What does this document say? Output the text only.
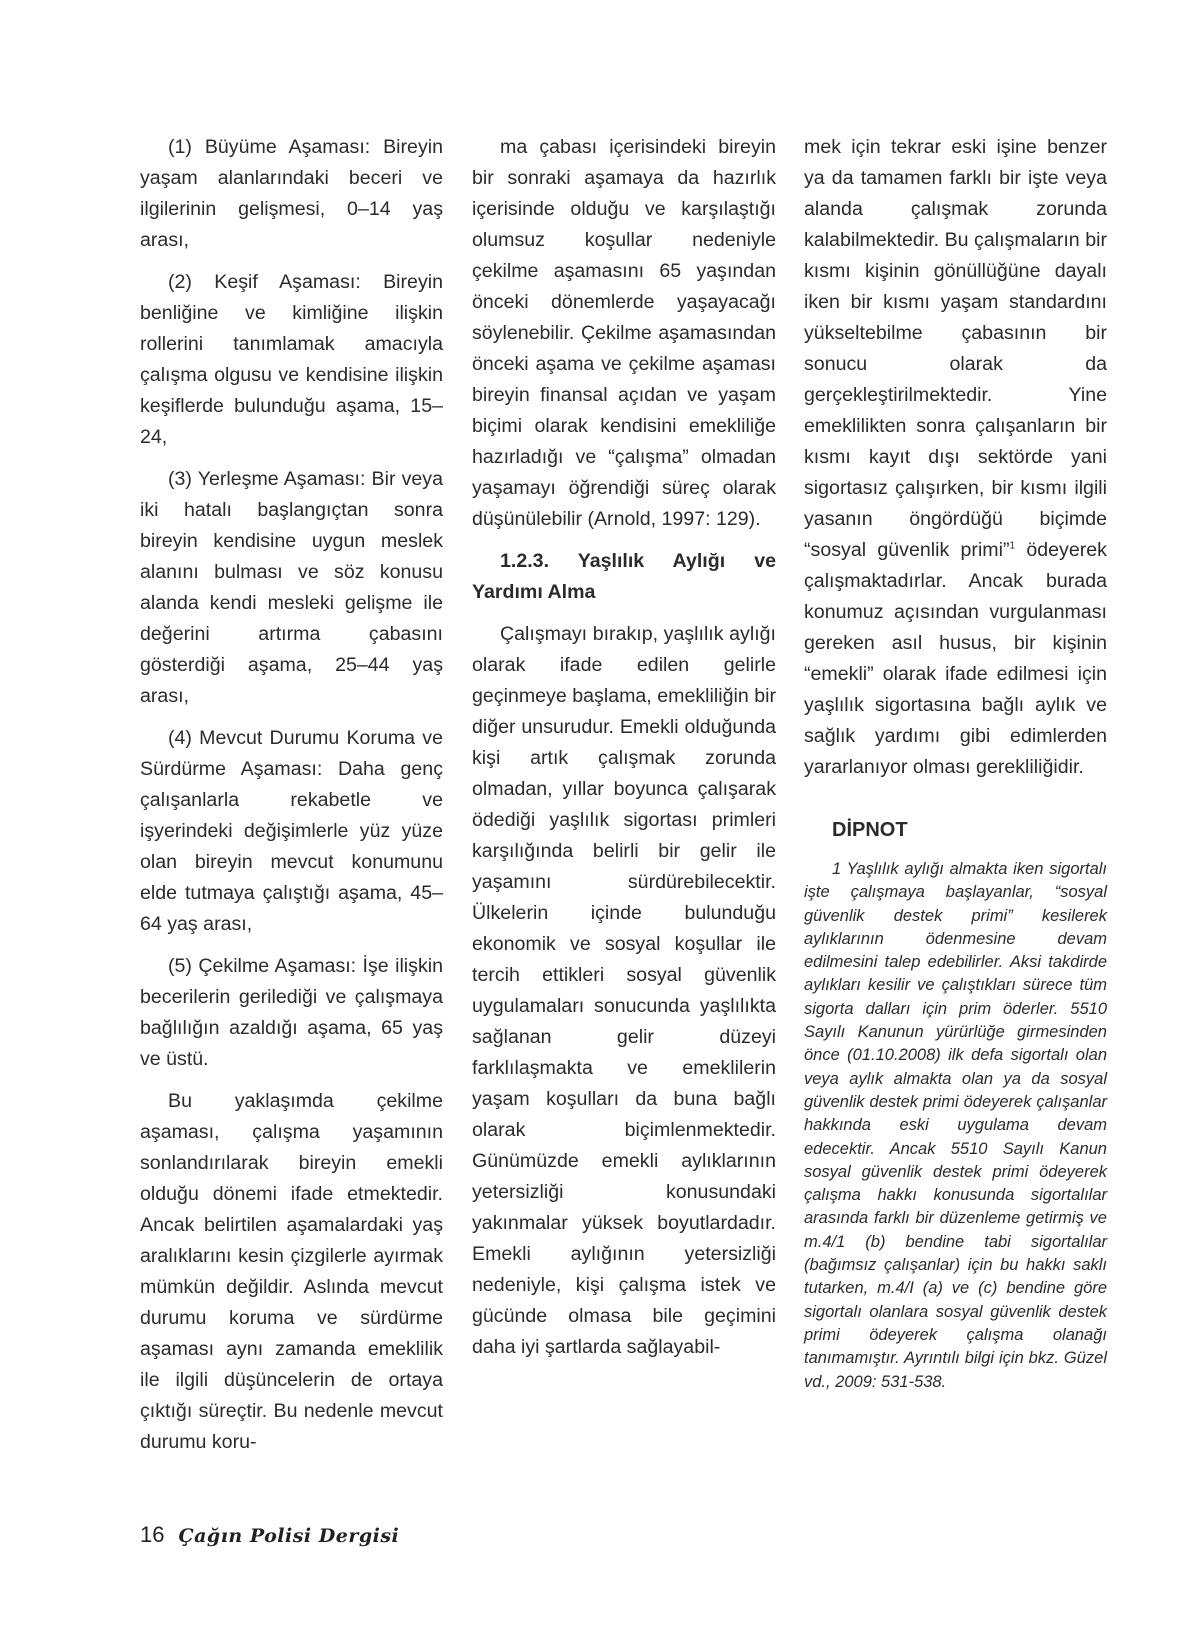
(1) Büyüme Aşaması: Bireyin yaşam alanlarındaki beceri ve ilgilerinin gelişmesi, 0–14 yaş arası,

(2) Keşif Aşaması: Bireyin benliğine ve kimliğine ilişkin rollerini tanımlamak amacıyla çalışma olgusu ve kendisine ilişkin keşiflerde bulunduğu aşama, 15–24,

(3) Yerleşme Aşaması: Bir veya iki hatalı başlangıçtan sonra bireyin kendisine uygun meslek alanını bulması ve söz konusu alanda kendi mesleki gelişme ile değerini artırma çabasını gösterdiği aşama, 25–44 yaş arası,

(4) Mevcut Durumu Koruma ve Sürdürme Aşaması: Daha genç çalışanlarla rekabetle ve işyerindeki değişimlerle yüz yüze olan bireyin mevcut konumunu elde tutmaya çalıştığı aşama, 45–64 yaş arası,

(5) Çekilme Aşaması: İşe ilişkin becerilerin gerilediği ve çalışmaya bağlılığın azaldığı aşama, 65 yaş ve üstü.

Bu yaklaşımda çekilme aşaması, çalışma yaşamının sonlandırılarak bireyin emekli olduğu dönemi ifade etmektedir. Ancak belirtilen aşamalardaki yaş aralıklarını kesin çizgilerle ayırmak mümkün değildir. Aslında mevcut durumu koruma ve sürdürme aşaması aynı zamanda emeklilik ile ilgili düşüncelerin de ortaya çıktığı süreçtir. Bu nedenle mevcut durumu koru-

ma çabası içerisindeki bireyin bir sonraki aşamaya da hazırlık içerisinde olduğu ve karşılaştığı olumsuz koşullar nedeniyle çekilme aşamasını 65 yaşından önceki dönemlerde yaşayacağı söylenebilir. Çekilme aşamasından önceki aşama ve çekilme aşaması bireyin finansal açıdan ve yaşam biçimi olarak kendisini emekliliğe hazırladığı ve “çalışma” olmadan yaşamayı öğrendiği süreç olarak düşünülebilir (Arnold, 1997: 129).

1.2.3. Yaşlılık Aylığı ve Yardımı Alma

Çalışmayı bırakıp, yaşlılık aylığı olarak ifade edilen gelirle geçinmeye başlama, emekliliğin bir diğer unsurudur. Emekli olduğunda kişi artık çalışmak zorunda olmadan, yıllar boyunca çalışarak ödediği yaşlılık sigortası primleri karşılığında belirli bir gelir ile yaşamını sürdürebilecektir. Ülkelerin içinde bulunduğu ekonomik ve sosyal koşullar ile tercih ettikleri sosyal güvenlik uygulamaları sonucunda yaşlılıkta sağlanan gelir düzeyi farklılaşmakta ve emeklilerin yaşam koşulları da buna bağlı olarak biçimlenmektedir. Günümüzde emekli aylıklarının yetersizliği konusundaki yakınmalar yüksek boyutlardadır. Emekli aylığının yetersizliği nedeniyle, kişi çalışma istek ve gücünde olmasa bile geçimini daha iyi şartlarda sağlayabil-

mek için tekrar eski işine benzer ya da tamamen farklı bir işte veya alanda çalışmak zorunda kalabilmektedir. Bu çalışmaların bir kısmı kişinin gönüllüğüne dayalı iken bir kısmı yaşam standardını yükseltebilme çabasının bir sonucu olarak da gerçekleştirilmektedir. Yine emeklilikten sonra çalışanların bir kısmı kayıt dışı sektörde yani sigortasız çalışırken, bir kısmı ilgili yasanın öngördüğü biçimde “sosyal güvenlik primi”$^1$ ödeyerek çalışmaktadırlar. Ancak burada konumuz açısından vurgulanması gereken asıl husus, bir kişinin “emekli” olarak ifade edilmesi için yaşlılık sigortasına bağlı aylık ve sağlık yardımı gibi edimlerden yararlanıyor olması gerekliliğidir.

DİPNOT

1 Yaşlılık aylığı almakta iken sigortalı işte çalışmaya başlayanlar, “sosyal güvenlik destek primi” kesilerek aylıklarının ödenmesine devam edilmesini talep edebilirler. Aksi takdirde aylıkları kesilir ve çalıştıkları sürece tüm sigorta dalları için prim öderler. 5510 Sayılı Kanunun yürürlüğe girmesinden önce (01.10.2008) ilk defa sigortalı olan veya aylık almakta olan ya da sosyal güvenlik destek primi ödeyerek çalışanlar hakkında eski uygulama devam edecektir. Ancak 5510 Sayılı Kanun sosyal güvenlik destek primi ödeyerek çalışma hakkı konusunda sigortalılar arasında farklı bir düzenleme getirmiş ve m.4/1 (b) bendine tabi sigortalılar (bağımsız çalışanlar) için bu hakkı saklı tutarken, m.4/I (a) ve (c) bendine göre sigortalı olanlara sosyal güvenlik destek primi ödeyerek çalışma olanağı tanımamıştır. Ayrıntılı bilgi için bkz. Güzel vd., 2009: 531-538.

16 Çağın Polisi Dergisi
